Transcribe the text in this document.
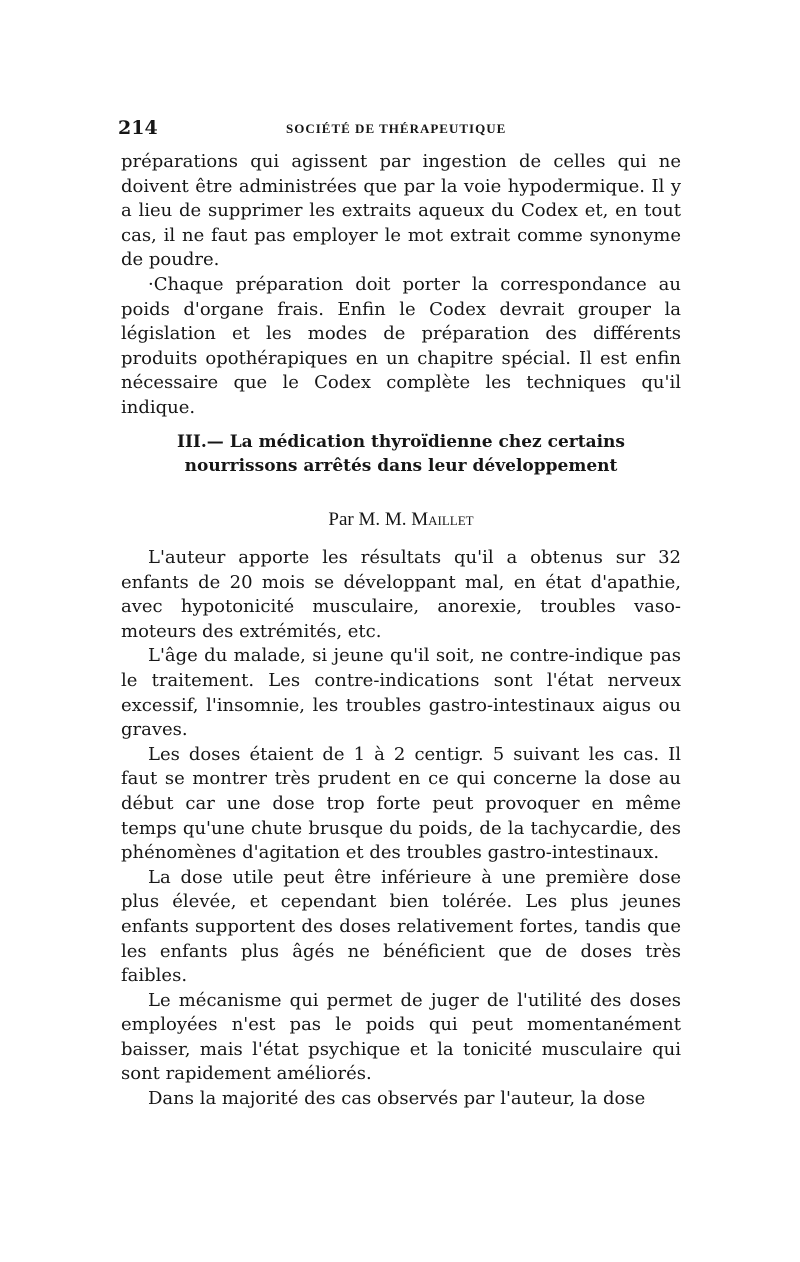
214	SOCIÉTÉ DE THÉRAPEUTIQUE

préparations qui agissent par ingestion de celles qui ne doivent être administrées que par la voie hypodermique. Il y a lieu de supprimer les extraits aqueux du Codex et, en tout cas, il ne faut pas employer le mot extrait comme synonyme de poudre.

·Chaque préparation doit porter la correspondance au poids d'organe frais. Enfin le Codex devrait grouper la législation et les modes de préparation des différents produits opothérapiques en un chapitre spécial. Il est enfin nécessaire que le Codex complète les techniques qu'il indique.

III.— La médication thyroïdienne chez certains
nourrissons arrêtés dans leur développement
Par M. M. Maillet

L'auteur apporte les résultats qu'il a obtenus sur 32 enfants de 20 mois se développant mal, en état d'apathie, avec hypotonicité musculaire, anorexie, troubles vaso-moteurs des extrémités, etc.

L'âge du malade, si jeune qu'il soit, ne contre-indique pas le traitement. Les contre-indications sont l'état nerveux excessif, l'insomnie, les troubles gastro-intestinaux aigus ou graves.

Les doses étaient de 1 à 2 centigr. 5 suivant les cas. Il faut se montrer très prudent en ce qui concerne la dose au début car une dose trop forte peut provoquer en même temps qu'une chute brusque du poids, de la tachycardie, des phénomènes d'agitation et des troubles gastro-intestinaux.

La dose utile peut être inférieure à une première dose plus élevée, et cependant bien tolérée. Les plus jeunes enfants supportent des doses relativement fortes, tandis que les enfants plus âgés ne bénéficient que de doses très faibles.

Le mécanisme qui permet de juger de l'utilité des doses employées n'est pas le poids qui peut momentanément baisser, mais l'état psychique et la tonicité musculaire qui sont rapidement améliorés.

Dans la majorité des cas observés par l'auteur, la dose
